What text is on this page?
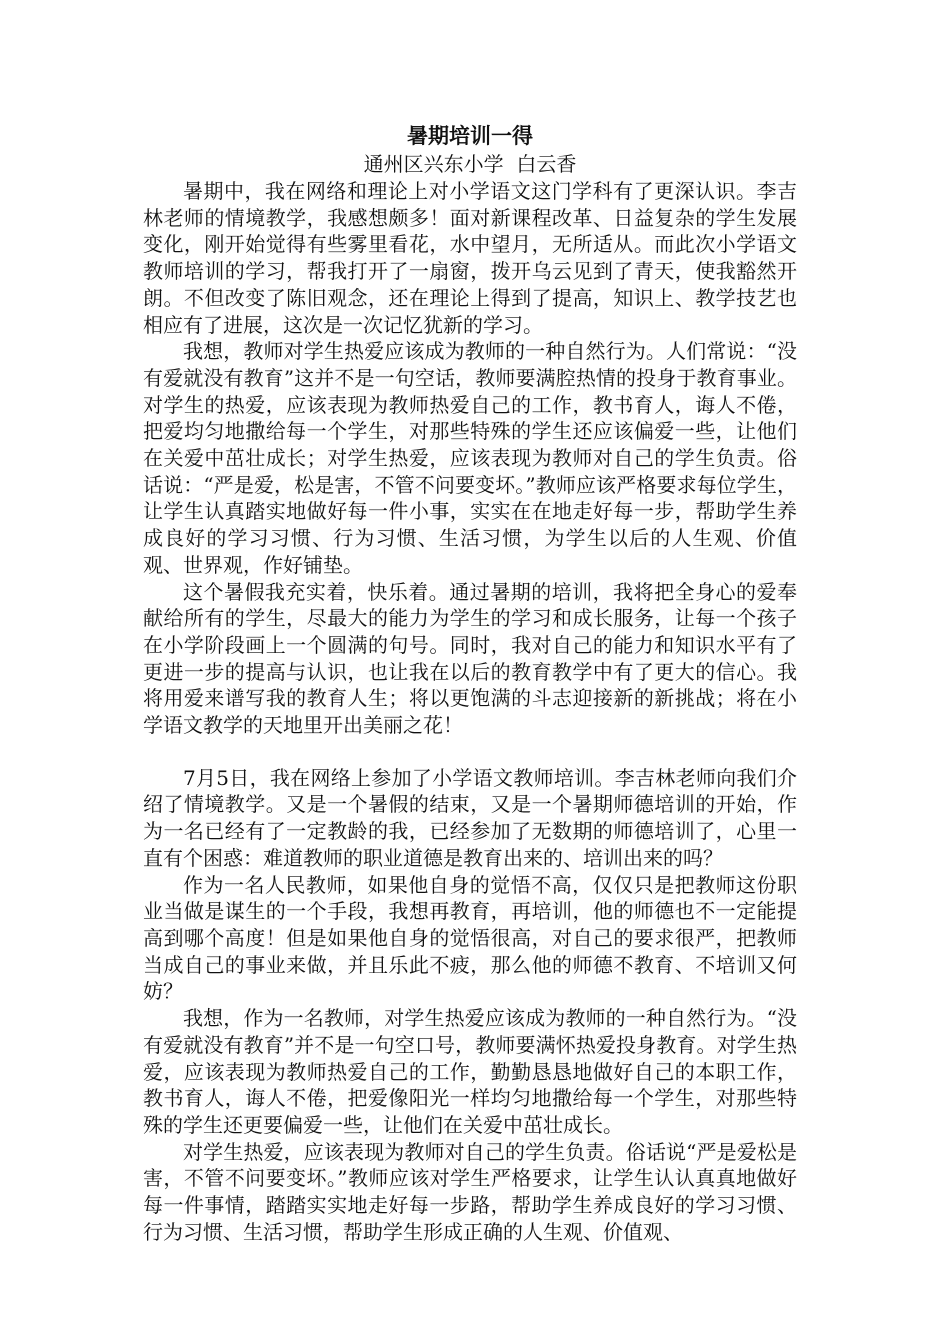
暑期培训一得
通州区兴东小学  白云香

暑期中，我在网络和理论上对小学语文这门学科有了更深认识。李吉林老师的情境教学，我感想颇多！面对新课程改革、日益复杂的学生发展变化，刚开始觉得有些雾里看花，水中望月，无所适从。而此次小学语文教师培训的学习，帮我打开了一扇窗，拨开乌云见到了青天，使我豁然开朗。不但改变了陈旧观念，还在理论上得到了提高，知识上、教学技艺也相应有了进展，这次是一次记忆犹新的学习。

我想，教师对学生热爱应该成为教师的一种自然行为。人们常说：“没有爱就没有教育”这并不是一句空话，教师要满腔热情的投身于教育事业。对学生的热爱，应该表现为教师热爱自己的工作，教书育人，诲人不倦，把爱均匀地撒给每一个学生，对那些特殊的学生还应该偏爱一些，让他们在关爱中茁壮成长；对学生热爱，应该表现为教师对自己的学生负责。俗话说：“严是爱，松是害，不管不问要变坏。”教师应该严格要求每位学生，让学生认真踏实地做好每一件小事，实实在在地走好每一步，帮助学生养成良好的学习习惯、行为习惯、生活习惯，为学生以后的人生观、价值观、世界观，作好铺垫。

这个暑假我充实着，快乐着。通过暑期的培训，我将把全身心的爱奉献给所有的学生，尽最大的能力为学生的学习和成长服务，让每一个孩子在小学阶段画上一个圆满的句号。同时，我对自己的能力和知识水平有了更进一步的提高与认识，也让我在以后的教育教学中有了更大的信心。我将用爱来谱写我的教育人生；将以更饱满的斗志迎接新的新挑战；将在小学语文教学的天地里开出美丽之花！

7月5日，我在网络上参加了小学语文教师培训。李吉林老师向我们介绍了情境教学。又是一个暑假的结束，又是一个暑期师德培训的开始，作为一名已经有了一定教龄的我，已经参加了无数期的师德培训了，心里一直有个困惑：难道教师的职业道德是教育出来的、培训出来的吗？

作为一名人民教师，如果他自身的觉悟不高，仅仅只是把教师这份职业当做是谋生的一个手段，我想再教育，再培训，他的师德也不一定能提高到哪个高度！但是如果他自身的觉悟很高，对自己的要求很严，把教师当成自己的事业来做，并且乐此不疲，那么他的师德不教育、不培训又何妨？

我想，作为一名教师，对学生热爱应该成为教师的一种自然行为。“没有爱就没有教育”并不是一句空口号，教师要满怀热爱投身教育。对学生热爱，应该表现为教师热爱自己的工作，勤勤恳恳地做好自己的本职工作，教书育人，诲人不倦，把爱像阳光一样均匀地撒给每一个学生，对那些特殊的学生还更要偏爱一些，让他们在关爱中茁壮成长。

对学生热爱，应该表现为教师对自己的学生负责。俗话说“严是爱松是害，不管不问要变坏。”教师应该对学生严格要求，让学生认认真真地做好每一件事情，踏踏实实地走好每一步路，帮助学生养成良好的学习习惯、行为习惯、生活习惯，帮助学生形成正确的人生观、价值观、
